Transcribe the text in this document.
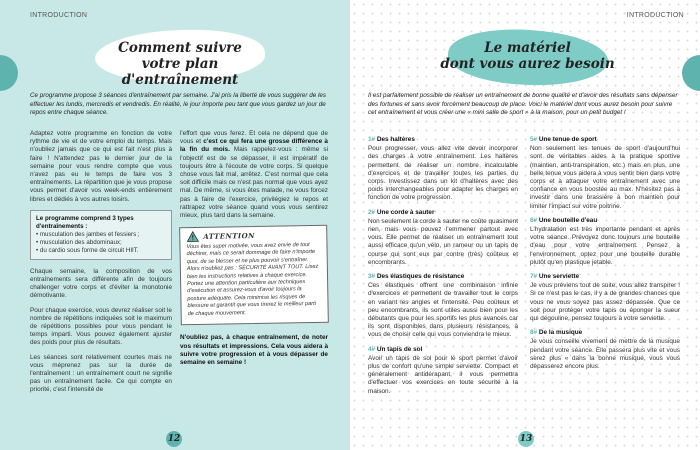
INTRODUCTION
Comment suivre
votre plan d'entraînement
Ce programme propose 3 séances d'entraînement par semaine. J'ai pris la liberté de vous suggérer de les effectuer les lundis, mercredis et vendredis. En réalité, le jour importe peu tant que vous gardez un jour de repos entre chaque séance.

Adaptez votre programme en fonction de votre rythme de vie et de votre emploi du temps. Mais n'oubliez jamais que ce qui est fait n'est plus à faire ! N'attendez pas le dernier jour de la semaine pour vous rendre compte que vous n'avez pas eu le temps de faire vos 3 entraînements. La répartition que je vous propose vous permet d'avoir vos week-ends entièrement libres et dédiés à vos autres loisirs.

Le programme comprend 3 types d'entraînements :
• musculation des jambes et fessiers ;
• musculation des abdominaux;
• du cardio sous forme de circuit HIIT.

Chaque semaine, la composition de vos entraînements sera différente afin de toujours challenger votre corps et d'éviter la monotonie démotivante.

Pour chaque exercice, vous devrez réaliser soit le nombre de répétitions indiquées soit le maximum de répétitions possibles pour vous pendant le temps imparti. Vous pouvez également ajuster des poids pour plus de résultats.

Les séances sont relativement courtes mais ne vous méprenez pas sur la durée de l'entraînement : un entraînement court ne signifie pas un entraînement facile. Ce qui compte en priorité, c'est l'intensité de

l'effort que vous ferez. Et cela ne dépend que de vous et c'est ce qui fera une grosse différence à la fin du mois. Mais rappelez-vous : même si l'objectif est de se dépasser, il est impératif de toujours être à l'écoute de votre corps. Si quelque chose vous fait mal, arrêtez. C'est normal que cela soit difficile mais ce n'est pas normal que vous ayez mal. De même, si vous êtes malade, ne vous forcez pas à faire de l'exercice, privilégiez le repos et rattrapez votre séance quand vous vous sentirez mieux, plus tard dans la semaine.

ATTENTION
Vous êtes super motivée, vous avez envie de tout déchirer, mais ce serait dommage de faire n'importe quoi, de se blesser et ne plus pouvoir s'entraîner. Alors n'oubliez pas : SÉCURITÉ AVANT TOUT. Lisez bien les instructions relatives à chaque exercice. Portez une attention particulière aux techniques d'exécution et assurez-vous d'avoir toujours la posture adéquate. Cela minimise les risques de blessure et garantit que vous tirerez le meilleur parti de chaque mouvement.

N'oubliez pas, à chaque entraînement, de noter vos résultats et impressions. Cela vous aidera à suivre votre progression et à vous dépasser de semaine en semaine !

12
INTRODUCTION
Le matériel
dont vous aurez besoin
Il est parfaitement possible de réaliser un entraînement de bonne qualité et d'avoir des résultats sans dépenser des fortunes et sans avoir forcément beaucoup de place. Voici le matériel dont vous aurez besoin pour suivre cet entraînement et vous créer une « mini salle de sport » à la maison, pour un petit budget !
1# Des haltères

Pour progresser, vous allez vite devoir incorporer des charges à votre entraînement. Les haltères permettent de réaliser un nombre incalculable d'exercices et de travailler toutes les parties du corps. Investissez dans un kit d'haltères avec des poids interchangeables pour adapter les charges en fonction de votre progression.

2# Une corde à sauter

Non seulement la corde à sauter ne coûte quasiment rien, mais vous pouvez l'emmener partout avec vous. Elle permet de réaliser un entraînement tout aussi efficace qu'un vélo, un rameur ou un tapis de course qui sont eux par contre (très) coûteux et encombrants.

3# Des élastiques de résistance

Ces élastiques offrent une combinaison infinie d'exercices et permettent de travailler tout le corps en variant les angles et l'intensité. Peu coûteux et peu encombrants, ils sont utiles aussi bien pour les débutants que pour les sportifs les plus avancés car ils sont disponibles dans plusieurs résistances, à vous de choisir celle qui vous conviendra le mieux.

4# Un tapis de sol

Avoir un tapis de sol pour le sport permet d'avoir plus de confort qu'une simple serviette. Compact et généralement antidérapant, il vous permettra d'effectuer vos exercices en toute sécurité à la maison.

5# Une tenue de sport

Non seulement les tenues de sport d'aujourd'hui sont de véritables aides à la pratique sportive (maintien, anti-transpiration, etc.) mais en plus, une belle tenue vous aidera à vous sentir bien dans votre corps et à attaquer votre entraînement avec une confiance en vous boostée au max. N'hésitez pas à investir dans une brassière à bon maintien pour limiter l'impact sur votre poitrine.

6# Une bouteille d'eau

L'hydratation est très importante pendant et après votre séance. Prévoyez donc toujours une bouteille d'eau pour votre entraînement. Pensez à l'environnement, optez pour une bouteille durable plutôt qu'en plastique jetable.

7# Une serviette

Je vous préviens tout de suite, vous allez transpirer ! Si ce n'est pas le cas, il y a de grandes chances que vous ne vous soyez pas assez dépassée. Que ce soit pour protéger votre tapis ou éponger la sueur qui dégouline, pensez toujours à votre serviette.

8# De la musique

Je vous conseille vivement de mettre de la musique pendant votre séance. Elle passera plus vite et vous serez plus « dans la bonne musique, vous vous dépasserez encore plus.

13
